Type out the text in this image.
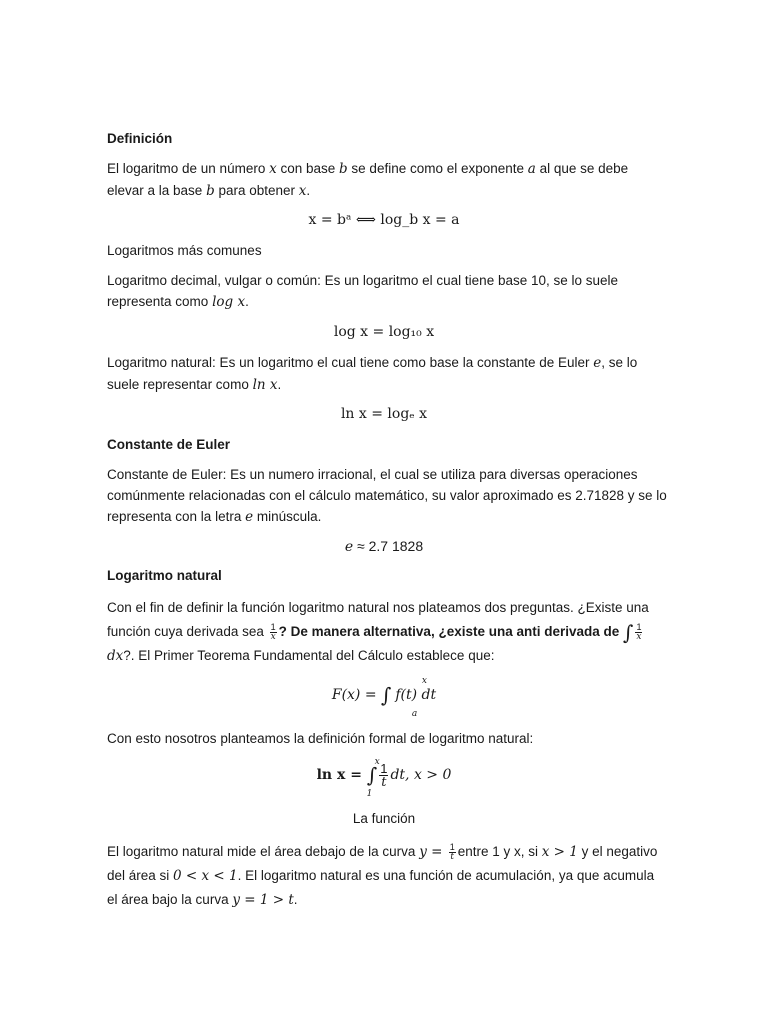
Definición

El logaritmo de un número x con base b se define como el exponente a al que se debe elevar a la base b para obtener x.

x = bᵃ ⟺ log_b x = a
Logaritmos más comunes

Logaritmo decimal, vulgar o común: Es un logaritmo el cual tiene base 10, se lo suele representa como log x.

log x = log₁₀ x

Logaritmo natural: Es un logaritmo el cual tiene como base la constante de Euler e, se lo suele representar como ln x.

ln x = logₑ x
Constante de Euler

Constante de Euler: Es un numero irracional, el cual se utiliza para diversas operaciones comúnmente relacionadas con el cálculo matemático, su valor aproximado es 2.71828 y se lo representa con la letra e minúscula.

e ≈ 2.7 1828
Logaritmo natural

Con el fin de definir la función logaritmo natural nos plateamos dos preguntas. ¿Existe una función cuya derivada sea $\frac{1}{x}$ ? De manera alternativa, ¿existe una anti derivada de ∫ $\frac{1}{x}$
dx?. El Primer Teorema Fundamental del Cálculo establece que:

F(x) = ∫
x
a
f(t) dt

Con esto nosotros planteamos la definición formal de logaritmo natural:

ln x = ∫
x
1
$\frac{1}{t}$ dt, x > 0
La función

El logaritmo natural mide el área debajo de la curva $y = \frac{1}{t}$ entre 1 y x, si x > 1 y el negativo del área si 0 < x < 1. El logaritmo natural es una función de acumulación, ya que acumula el área bajo la curva y = 1 > t.
